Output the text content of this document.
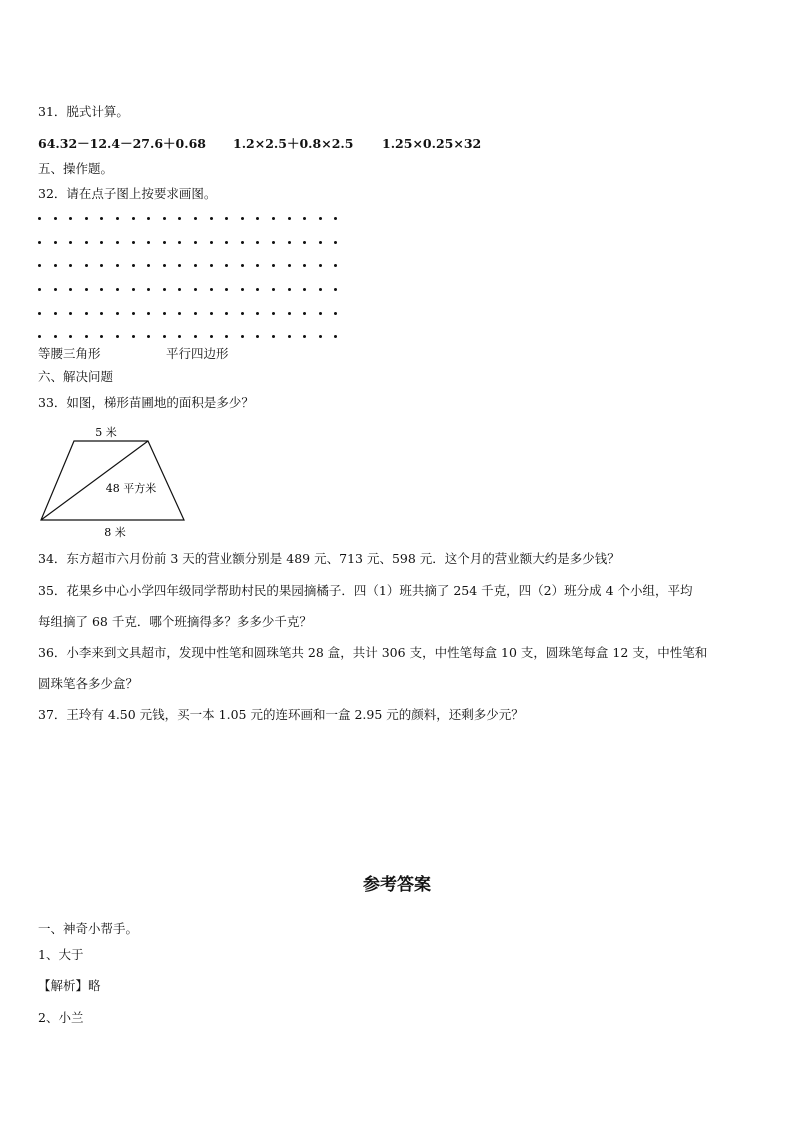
31．脱式计算。
64.32－12.4－27.6＋0.68 1.2×2.5＋0.8×2.5 1.25×0.25×32
五、操作题。
32．请在点子图上按要求画图。
等腰三角形	平行四边形
六、解决问题
33．如图，梯形苗圃地的面积是多少？
5 米
48 平方米
8 米
34．东方超市六月份前 3 天的营业额分别是 489 元、713 元、598 元．这个月的营业额大约是多少钱？
35．花果乡中心小学四年级同学帮助村民的果园摘橘子．四（1）班共摘了 254 千克，四（2）班分成 4 个小组，平均
每组摘了 68 千克．哪个班摘得多？多多少千克？
36．小李来到文具超市，发现中性笔和圆珠笔共 28 盒，共计 306 支，中性笔每盒 10 支，圆珠笔每盒 12 支，中性笔和
圆珠笔各多少盒？
37．王玲有 4.50 元钱，买一本 1.05 元的连环画和一盒 2.95 元的颜料，还剩多少元？
参考答案
一、神奇小帮手。
1、大于
【解析】略
2、小兰
